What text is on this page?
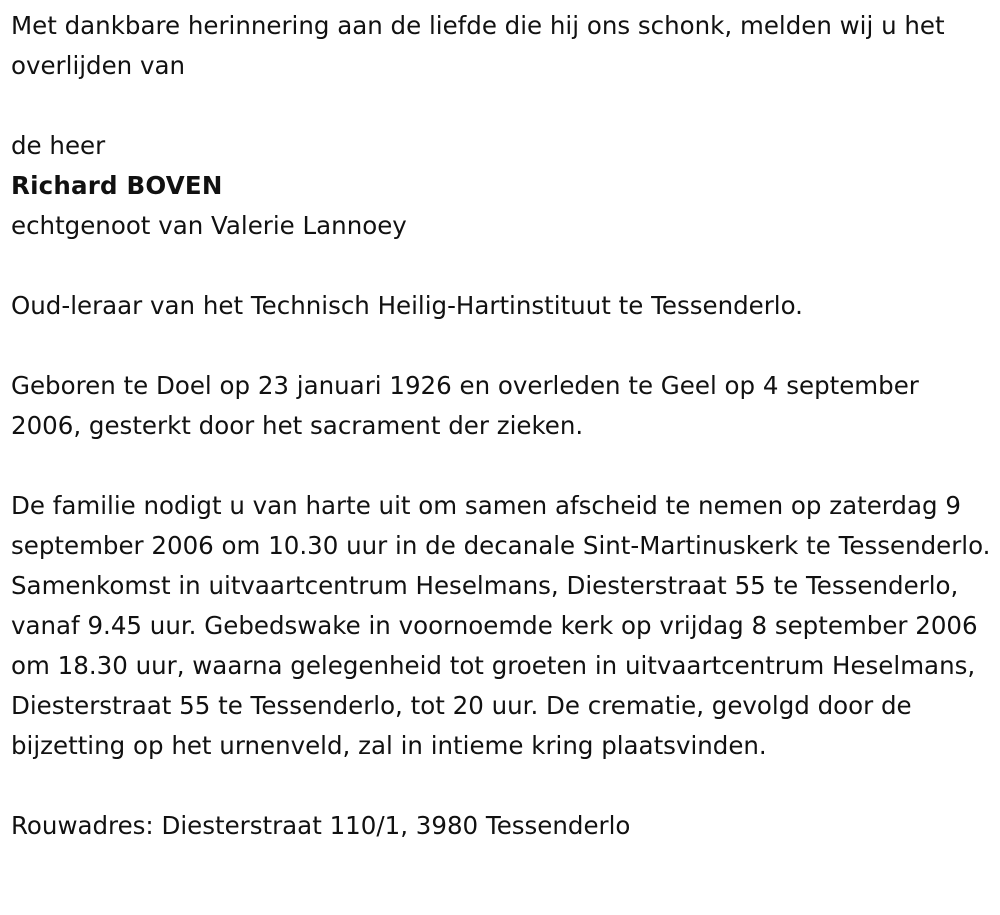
Met dankbare herinnering aan de liefde die hij ons schonk, melden wij u het overlijden van

de heer

Richard BOVEN

echtgenoot van Valerie Lannoey

Oud-leraar van het Technisch Heilig-Hartinstituut te Tessenderlo.

Geboren te Doel op 23 januari 1926 en overleden te Geel op 4 september 2006, gesterkt door het sacrament der zieken.

De familie nodigt u van harte uit om samen afscheid te nemen op zaterdag 9 september 2006 om 10.30 uur in de decanale Sint-Martinuskerk te Tessenderlo. Samenkomst in uitvaartcentrum Heselmans, Diesterstraat 55 te Tessenderlo, vanaf 9.45 uur. Gebedswake in voornoemde kerk op vrijdag 8 september 2006 om 18.30 uur, waarna gelegenheid tot groeten in uitvaartcentrum Heselmans, Diesterstraat 55 te Tessenderlo, tot 20 uur. De crematie, gevolgd door de bijzetting op het urnenveld, zal in intieme kring plaatsvinden.

Rouwadres: Diesterstraat 110/1, 3980 Tessenderlo
